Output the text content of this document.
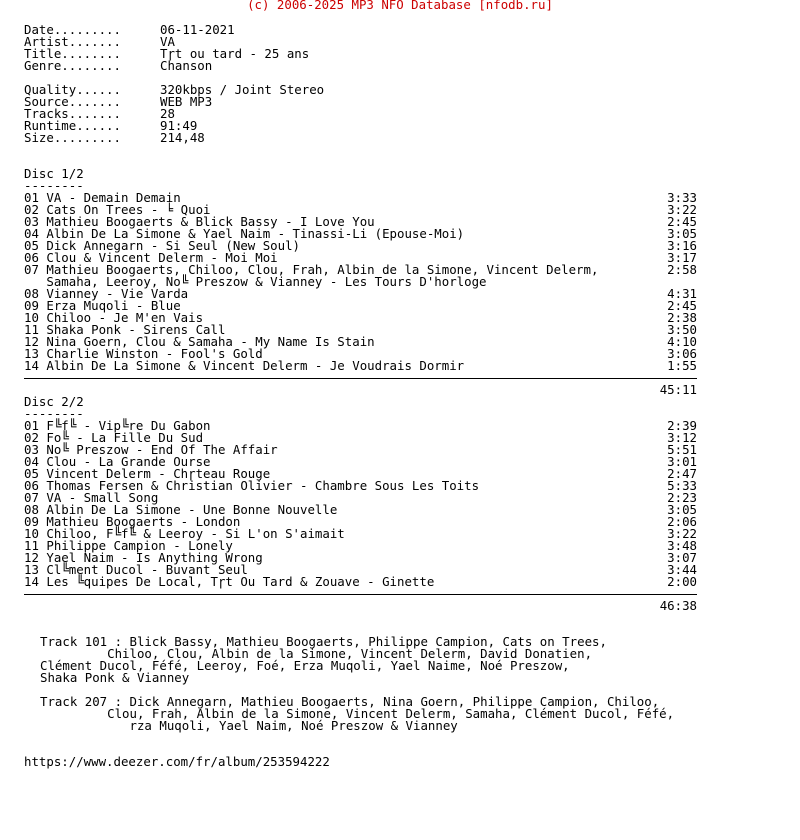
(c) 2006-2025 MP3 NFO Database [nfodb.ru]
Date.........	06-11-2021
Artist.......	VA
Title........	Tɼt ou tard - 25 ans
Genre........	Chanson
Quality......	320kbps / Joint Stereo
Source.......	WEB MP3
Tracks.......	28
Runtime......	91:49
Size.........	214,48
Disc 1/2
--------
01 VA - Demain Demain	3:33
02 Cats On Trees - ╘ Quoi	3:22
03 Mathieu Boogaerts & Blick Bassy - I Love You	2:45
04 Albin De La Simone & Yael Naim - Tinassi-Li (Epouse-Moi)	3:05
05 Dick Annegarn - Si Seul (New Soul)	3:16
06 Clou & Vincent Delerm - Moi Moi	3:17
07 Mathieu Boogaerts, Chiloo, Clou, Frah, Albin de la Simone, Vincent Delerm,	2:58
Samaha, Leeroy, No╚ Preszow & Vianney - Les Tours D'horloge
08 Vianney - Vie Varda	4:31
09 Erza Muqoli - Blue	2:45
10 Chiloo - Je M'en Vais	2:38
11 Shaka Ponk - Sirens Call	3:50
12 Nina Goern, Clou & Samaha - My Name Is Stain	4:10
13 Charlie Winston - Fool's Gold	3:06
14 Albin De La Simone & Vincent Delerm - Je Voudrais Dormir	1:55
45:11
Disc 2/2
--------
01 F╚f╚ - Vip╚re Du Gabon	2:39
02 Fo╚ - La Fille Du Sud	3:12
03 No╚ Preszow - End Of The Affair	5:51
04 Clou - La Grande Ourse	3:01
05 Vincent Delerm - Chɼteau Rouge	2:47
06 Thomas Fersen & Christian Olivier - Chambre Sous Les Toits	5:33
07 VA - Small Song	2:23
08 Albin De La Simone - Une Bonne Nouvelle	3:05
09 Mathieu Boogaerts - London	2:06
10 Chiloo, F╚f╚ & Leeroy - Si L'on S'aimait	3:22
11 Philippe Campion - Lonely	3:48
12 Yael Naim - Is Anything Wrong	3:07
13 Cl╚ment Ducol - Buvant Seul	3:44
14 Les ╚quipes De Local, Tɼt Ou Tard & Zouave - Ginette	2:00
46:38
Track 101 : Blick Bassy, Mathieu Boogaerts, Philippe Campion, Cats on Trees,
Chiloo, Clou, Albin de la Simone, Vincent Delerm, David Donatien,
Clément Ducol, Féfé, Leeroy, Foé, Erza Muqoli, Yael Naime, Noé Preszow,
Shaka Ponk & Vianney
Track 207 : Dick Annegarn, Mathieu Boogaerts, Nina Goern, Philippe Campion, Chiloo,
Clou, Frah, Albin de la Simone, Vincent Delerm, Samaha, Clément Ducol, Féfé,
rza Muqoli, Yael Naim, Noé Preszow & Vianney
https://www.deezer.com/fr/album/253594222
